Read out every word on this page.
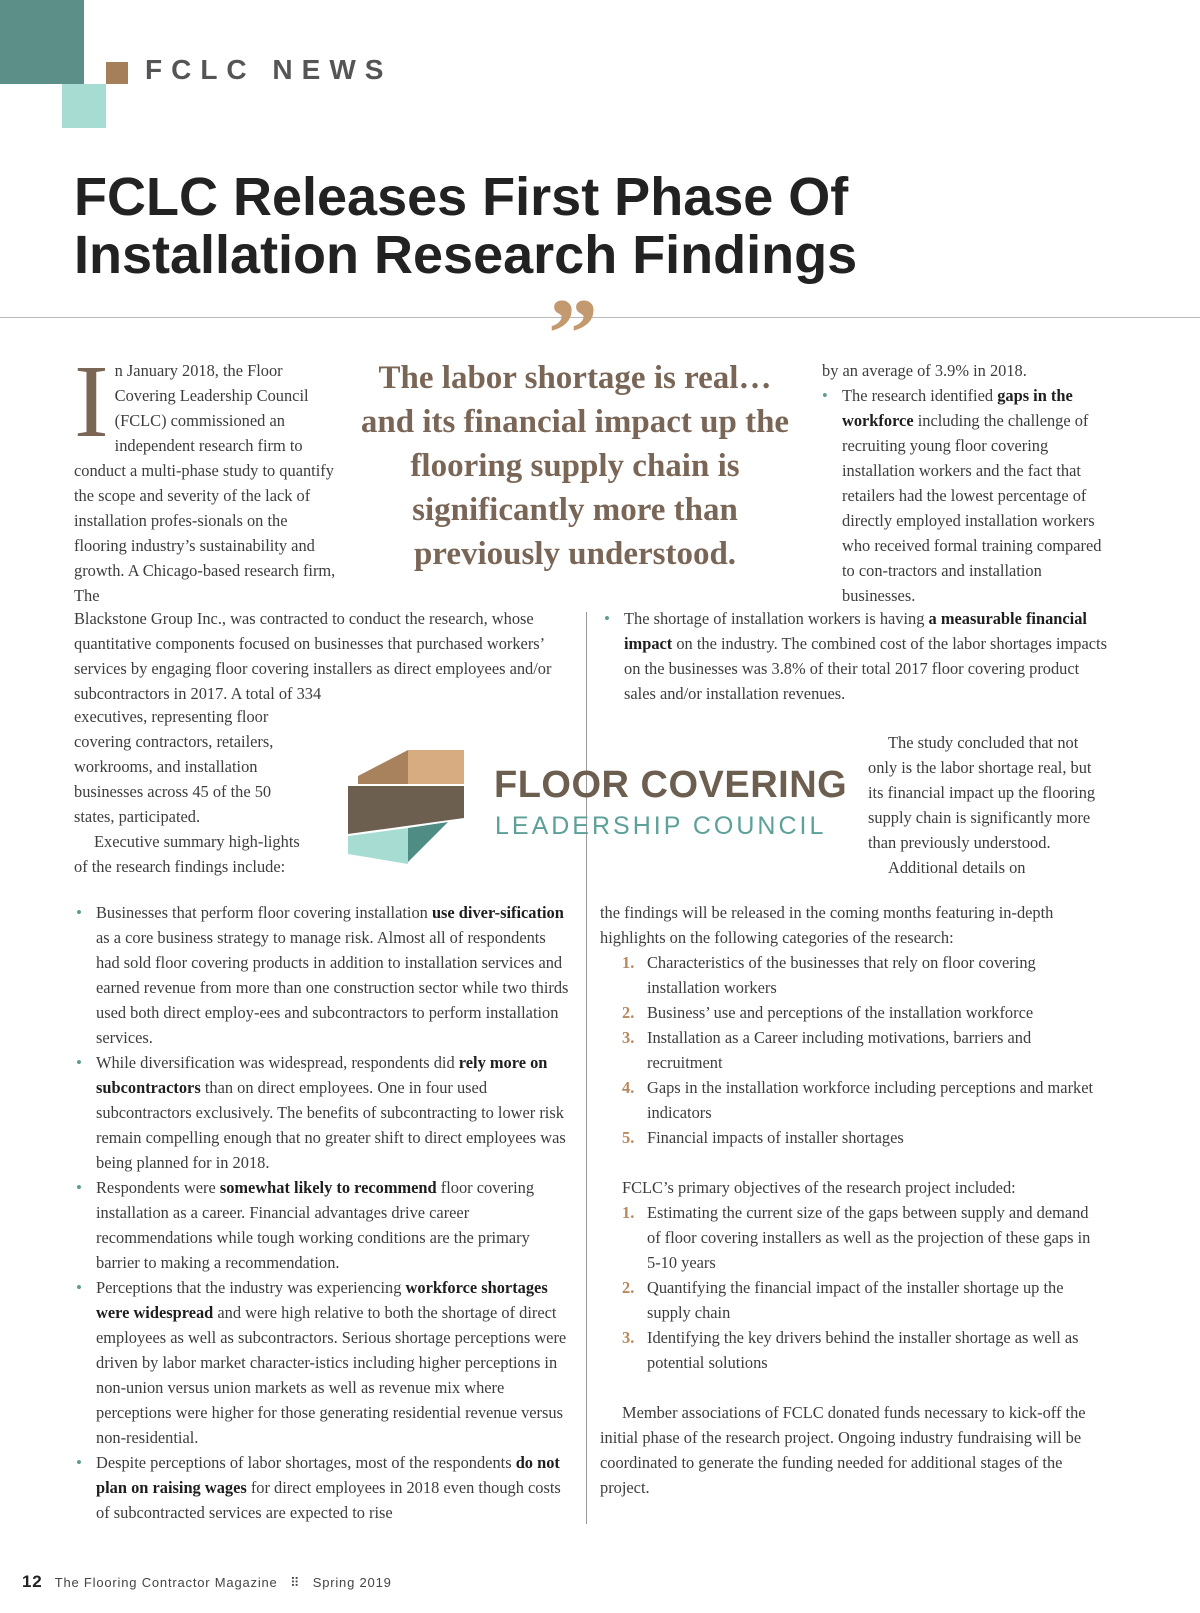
FCLC NEWS
FCLC Releases First Phase Of
Installation Research Findings
”
The labor shortage is real… and its financial impact up the flooring supply chain is significantly more than previously understood.
In January 2018, the Floor Covering Leadership Council (FCLC) commissioned an independent research firm to conduct a multi-phase study to quantify the scope and severity of the lack of installation profes-sionals on the flooring industry’s sustainability and growth. A Chicago-based research firm, The
Blackstone Group Inc., was contracted to conduct the research, whose quantitative components focused on businesses that purchased workers’ services by engaging floor covering installers as direct employees and/or subcontractors in 2017. A total of 334

executives, representing floor covering contractors, retailers, workrooms, and installation businesses across 45 of the 50 states, participated.

Executive summary high-lights of the research findings include:

• Businesses that perform floor covering installation use diver-sification as a core business strategy to manage risk. Almost all of respondents had sold floor covering products in addition to installation services and earned revenue from more than one construction sector while two thirds used both direct employ-ees and subcontractors to perform installation services.
• While diversification was widespread, respondents did rely more on subcontractors than on direct employees. One in four used subcontractors exclusively. The benefits of subcontracting to lower risk remain compelling enough that no greater shift to direct employees was being planned for in 2018.
• Respondents were somewhat likely to recommend floor covering installation as a career. Financial advantages drive career recommendations while tough working conditions are the primary barrier to making a recommendation.
• Perceptions that the industry was experiencing workforce shortages were widespread and were high relative to both the shortage of direct employees as well as subcontractors. Serious shortage perceptions were driven by labor market character-istics including higher perceptions in non-union versus union markets as well as revenue mix where perceptions were higher for those generating residential revenue versus non-residential.
• Despite perceptions of labor shortages, most of the respondents do not plan on raising wages for direct employees in 2018 even though costs of subcontracted services are expected to rise

by an average of 3.9% in 2018.

• The research identified gaps in the workforce including the challenge of recruiting young floor covering installation workers and the fact that retailers had the lowest percentage of directly employed installation workers who received formal training compared to con-tractors and installation businesses.

• The shortage of installation workers is having a measurable financial impact on the industry. The combined cost of the labor shortages impacts on the businesses was 3.8% of their total 2017 floor covering product sales and/or installation revenues.

The study concluded that not only is the labor shortage real, but its financial impact up the flooring supply chain is significantly more than previously understood.

Additional details on

FLOOR COVERING
LEADERSHIP COUNCIL

the findings will be released in the coming months featuring in-depth highlights on the following categories of the research:

1. Characteristics of the businesses that rely on floor covering installation workers
2. Business’ use and perceptions of the installation workforce
3. Installation as a Career including motivations, barriers and recruitment
4. Gaps in the installation workforce including perceptions and market indicators
5. Financial impacts of installer shortages

FCLC’s primary objectives of the research project included:

1. Estimating the current size of the gaps between supply and demand of floor covering installers as well as the projection of these gaps in 5-10 years
2. Quantifying the financial impact of the installer shortage up the supply chain
3. Identifying the key drivers behind the installer shortage as well as potential solutions

Member associations of FCLC donated funds necessary to kick-off the initial phase of the research project. Ongoing industry fundraising will be coordinated to generate the funding needed for additional stages of the project.

12 The Flooring Contractor Magazine ⠿ Spring 2019
